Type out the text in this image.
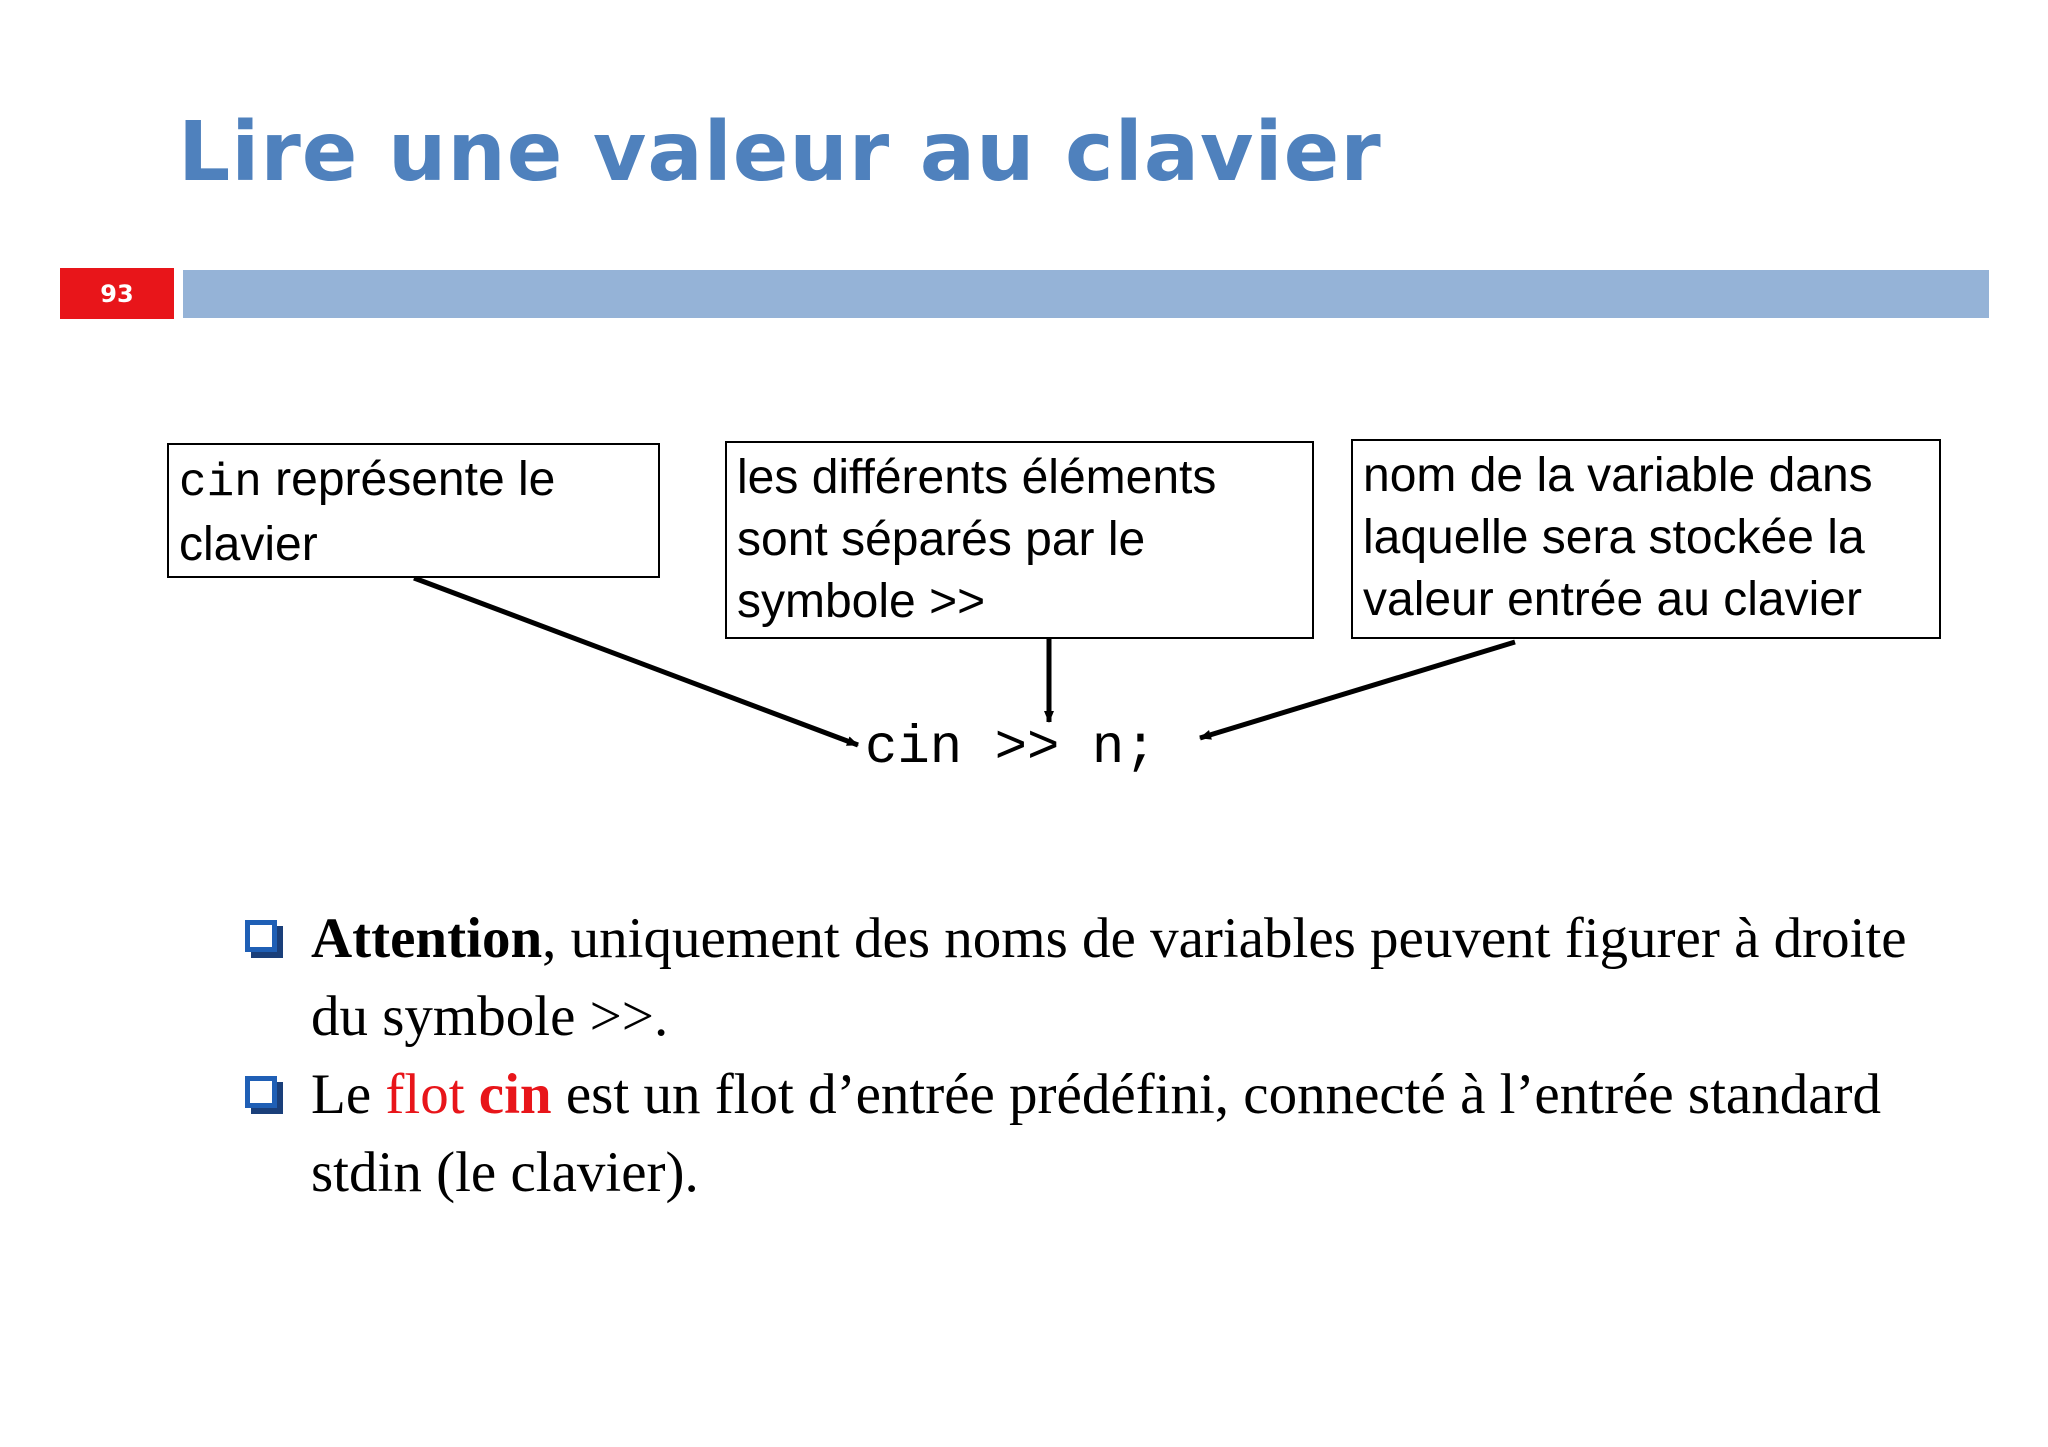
Lire une valeur au clavier
93
cin représente le
clavier
les différents éléments
sont séparés par le
symbole >>
nom de la variable dans
laquelle sera stockée la
valeur entrée au clavier
cin >> n;
Attention, uniquement des noms de variables peuvent figurer à droite du symbole >>.
Le flot cin est un flot d’entrée prédéfini, connecté à l’entrée standard stdin (le clavier).
